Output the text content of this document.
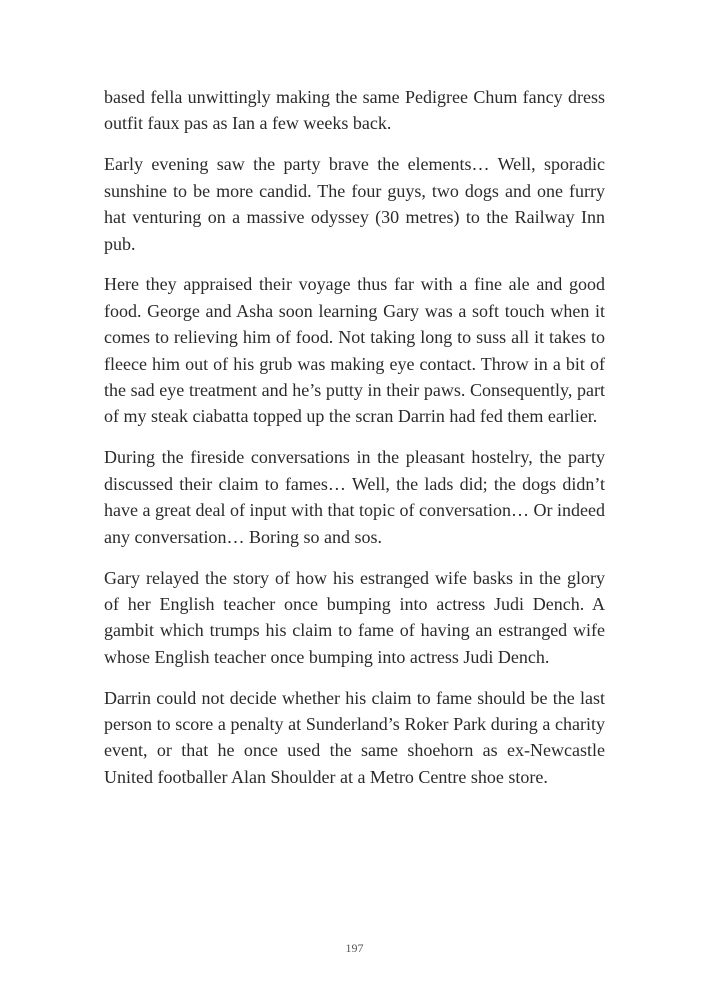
based fella unwittingly making the same Pedigree Chum fancy dress outfit faux pas as Ian a few weeks back.

Early evening saw the party brave the elements… Well, sporadic sunshine to be more candid. The four guys, two dogs and one furry hat venturing on a massive odyssey (30 metres) to the Railway Inn pub.

Here they appraised their voyage thus far with a fine ale and good food. George and Asha soon learning Gary was a soft touch when it comes to relieving him of food. Not taking long to suss all it takes to fleece him out of his grub was making eye contact. Throw in a bit of the sad eye treatment and he’s putty in their paws. Consequently, part of my steak ciabatta topped up the scran Darrin had fed them earlier.

During the fireside conversations in the pleasant hostelry, the party discussed their claim to fames… Well, the lads did; the dogs didn’t have a great deal of input with that topic of conversation… Or indeed any conversation… Boring so and sos.

Gary relayed the story of how his estranged wife basks in the glory of her English teacher once bumping into actress Judi Dench. A gambit which trumps his claim to fame of having an estranged wife whose English teacher once bumping into actress Judi Dench.

Darrin could not decide whether his claim to fame should be the last person to score a penalty at Sunderland’s Roker Park during a charity event, or that he once used the same shoehorn as ex-Newcastle United footballer Alan Shoulder at a Metro Centre shoe store.

197
